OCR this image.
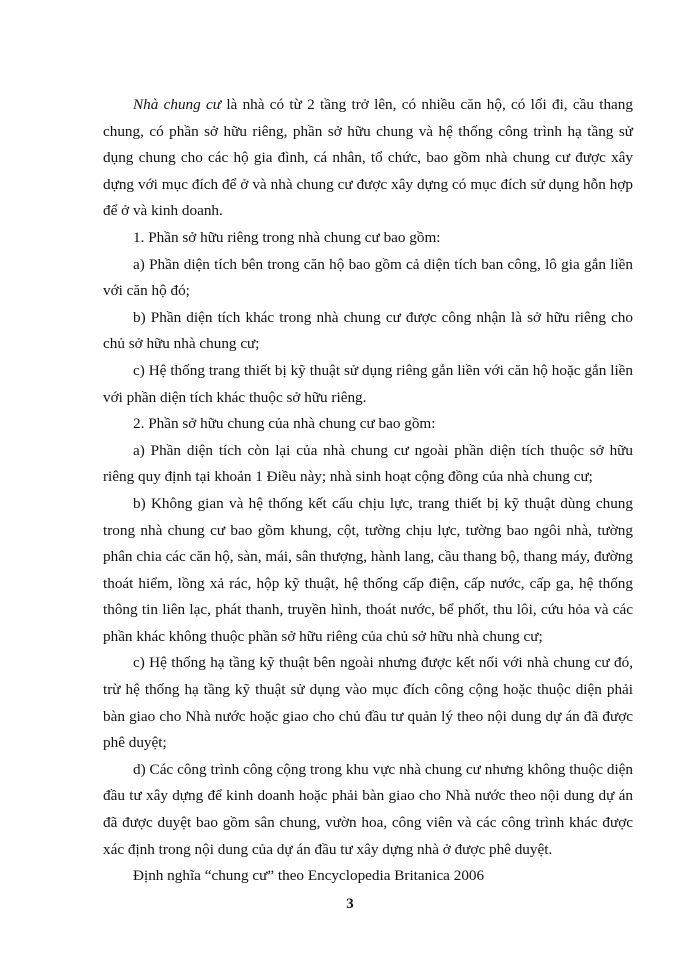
Nhà chung cư là nhà có từ 2 tầng trở lên, có nhiều căn hộ, có lối đi, cầu thang chung, có phần sở hữu riêng, phần sở hữu chung và hệ thống công trình hạ tầng sử dụng chung cho các hộ gia đình, cá nhân, tổ chức, bao gồm nhà chung cư được xây dựng với mục đích để ở và nhà chung cư được xây dựng có mục đích sử dụng hỗn hợp để ở và kinh doanh.

1. Phần sở hữu riêng trong nhà chung cư bao gồm:

a) Phần diện tích bên trong căn hộ bao gồm cả diện tích ban công, lô gia gắn liền với căn hộ đó;

b) Phần diện tích khác trong nhà chung cư được công nhận là sở hữu riêng cho chủ sở hữu nhà chung cư;

c) Hệ thống trang thiết bị kỹ thuật sử dụng riêng gắn liền với căn hộ hoặc gắn liền với phần diện tích khác thuộc sở hữu riêng.

2. Phần sở hữu chung của nhà chung cư bao gồm:

a) Phần diện tích còn lại của nhà chung cư ngoài phần diện tích thuộc sở hữu riêng quy định tại khoản 1 Điều này; nhà sinh hoạt cộng đồng của nhà chung cư;

b) Không gian và hệ thống kết cấu chịu lực, trang thiết bị kỹ thuật dùng chung trong nhà chung cư bao gồm khung, cột, tường chịu lực, tường bao ngôi nhà, tường phân chia các căn hộ, sàn, mái, sân thượng, hành lang, cầu thang bộ, thang máy, đường thoát hiểm, lồng xả rác, hộp kỹ thuật, hệ thống cấp điện, cấp nước, cấp ga, hệ thống thông tin liên lạc, phát thanh, truyền hình, thoát nước, bể phốt, thu lôi, cứu hỏa và các phần khác không thuộc phần sở hữu riêng của chủ sở hữu nhà chung cư;

c) Hệ thống hạ tầng kỹ thuật bên ngoài nhưng được kết nối với nhà chung cư đó, trừ hệ thống hạ tầng kỹ thuật sử dụng vào mục đích công cộng hoặc thuộc diện phải bàn giao cho Nhà nước hoặc giao cho chủ đầu tư quản lý theo nội dung dự án đã được phê duyệt;

d) Các công trình công cộng trong khu vực nhà chung cư nhưng không thuộc diện đầu tư xây dựng để kinh doanh hoặc phải bàn giao cho Nhà nước theo nội dung dự án đã được duyệt bao gồm sân chung, vườn hoa, công viên và các công trình khác được xác định trong nội dung của dự án đầu tư xây dựng nhà ở được phê duyệt.

Định nghĩa “chung cư” theo Encyclopedia Britanica 2006

3
